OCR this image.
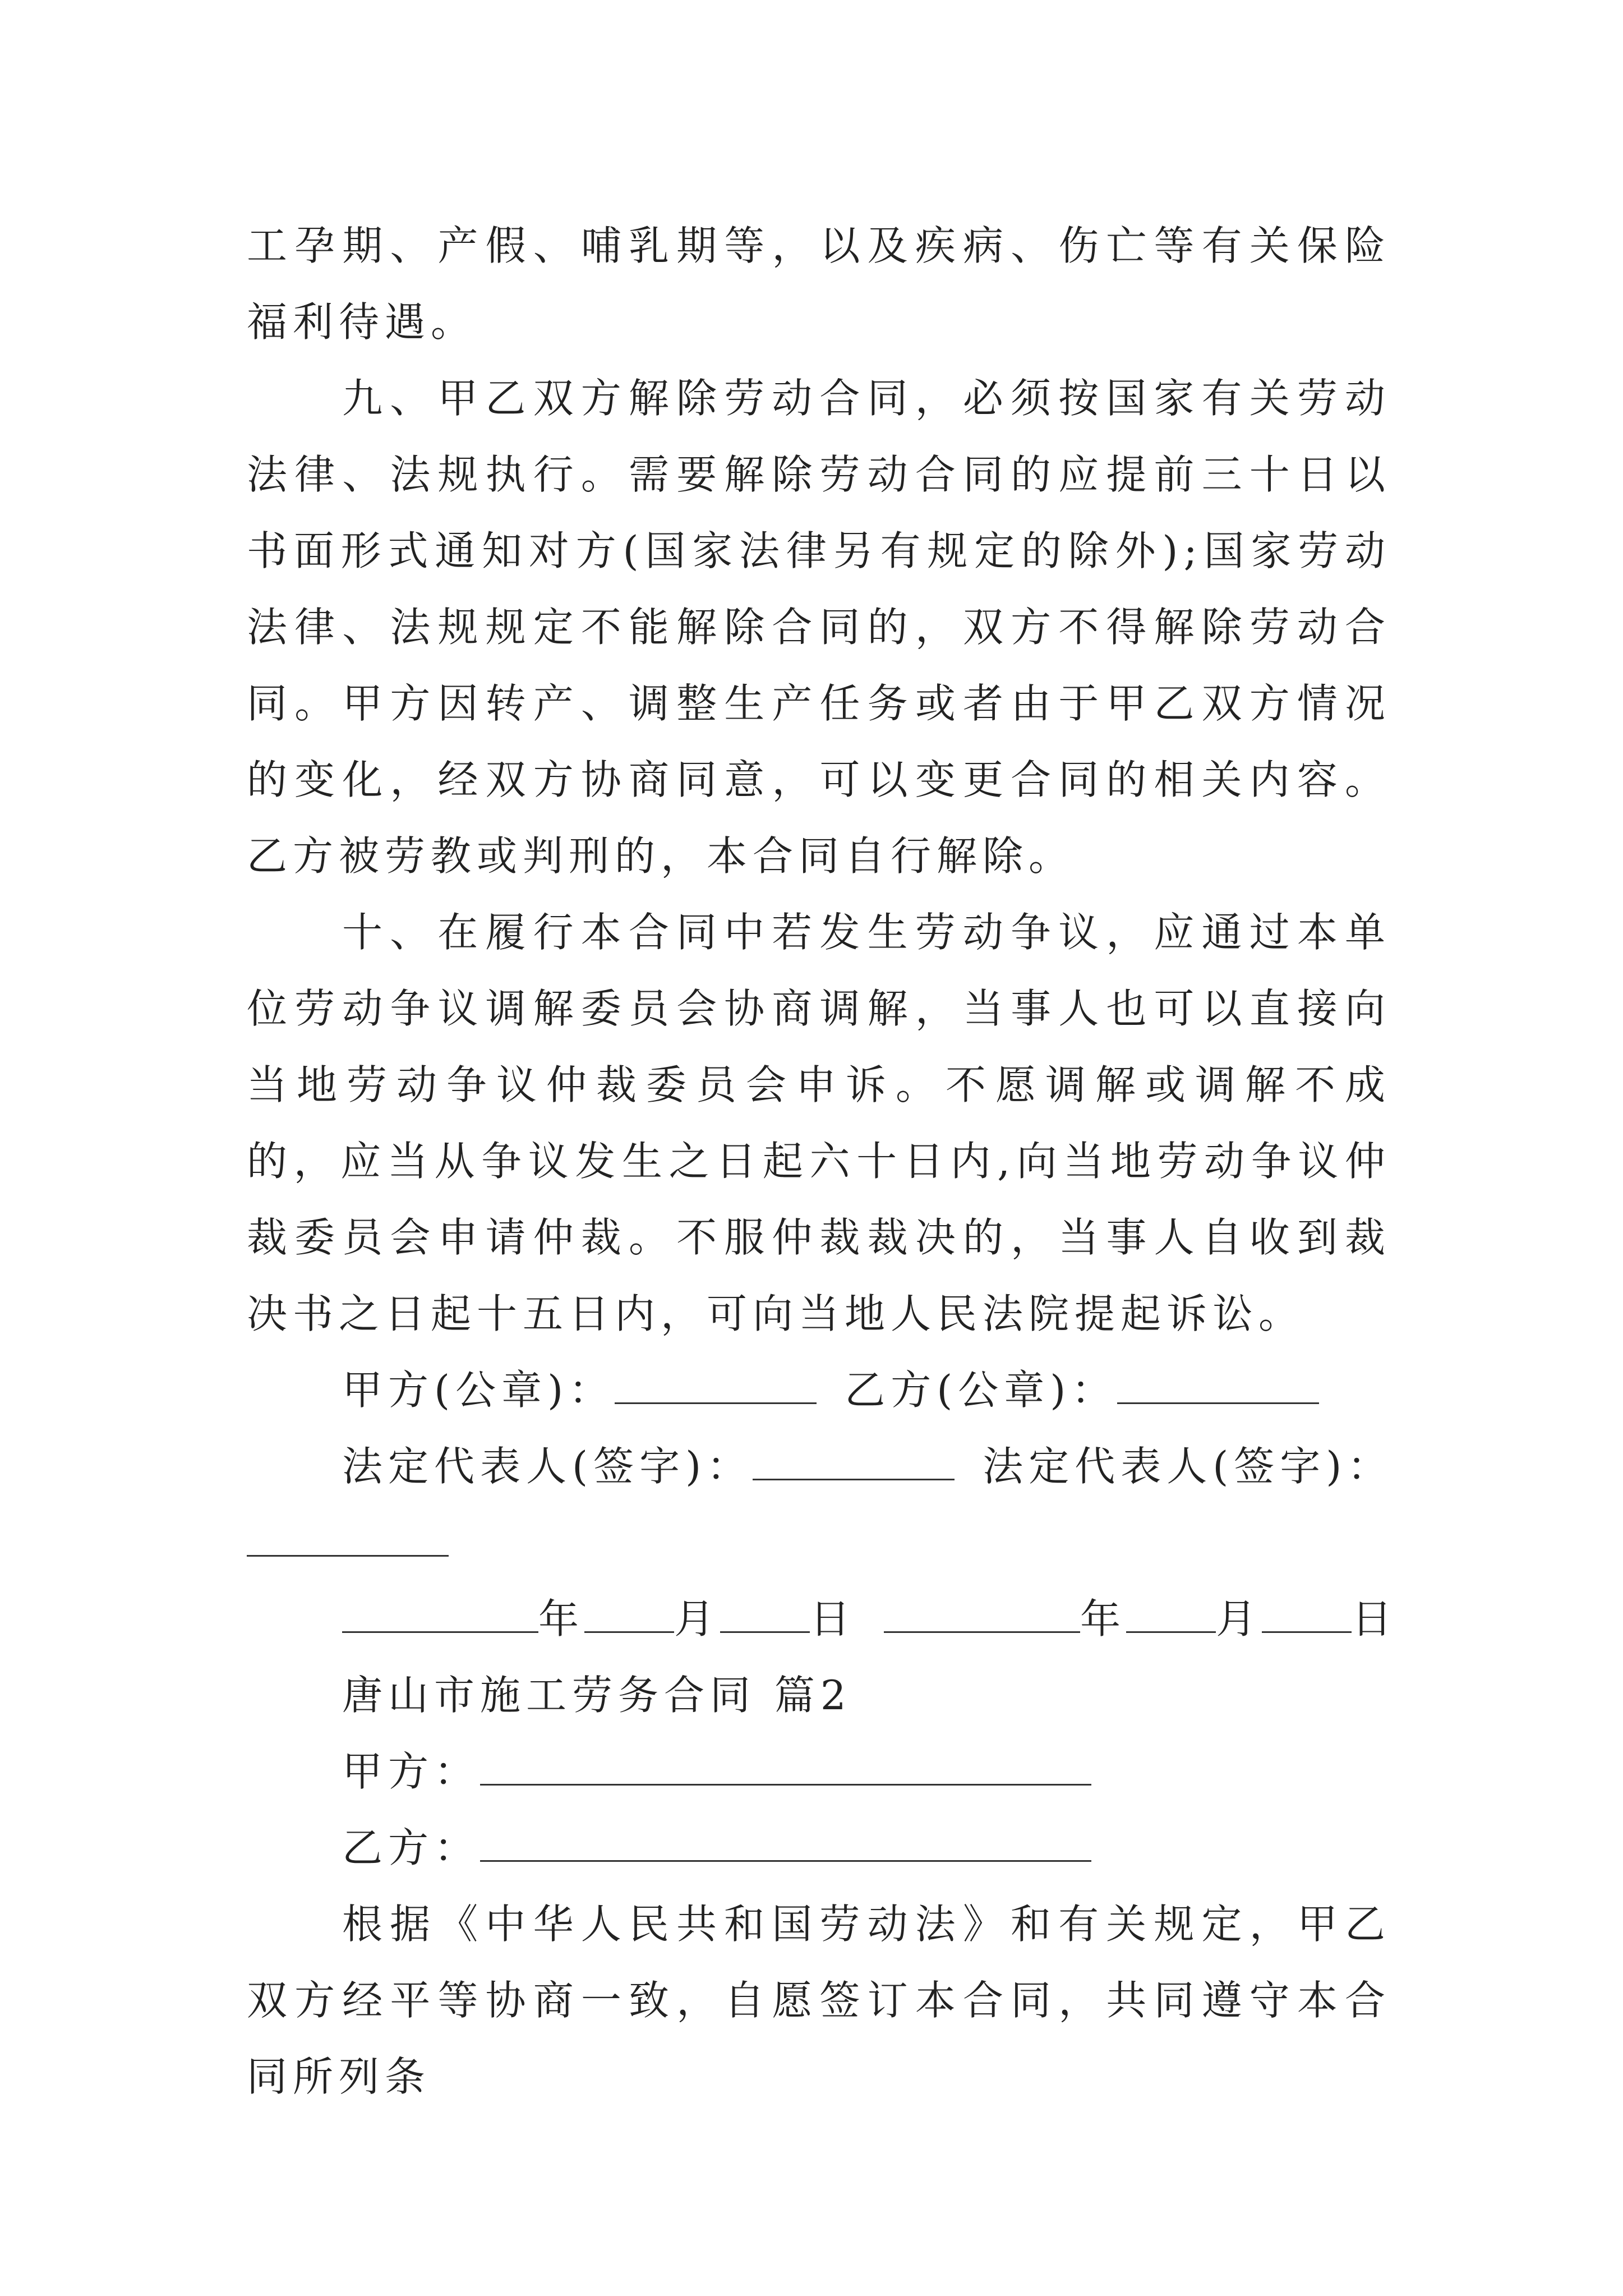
工孕期、产假、哺乳期等，以及疾病、伤亡等有关保险福利待遇。
九、甲乙双方解除劳动合同，必须按国家有关劳动法律、法规执行。需要解除劳动合同的应提前三十日以书面形式通知对方(国家法律另有规定的除外);国家劳动法律、法规规定不能解除合同的，双方不得解除劳动合同。甲方因转产、调整生产任务或者由于甲乙双方情况的变化，经双方协商同意，可以变更合同的相关内容。乙方被劳教或判刑的，本合同自行解除。
十、在履行本合同中若发生劳动争议，应通过本单位劳动争议调解委员会协商调解，当事人也可以直接向当地劳动争议仲裁委员会申诉。不愿调解或调解不成的，应当从争议发生之日起六十日内,向当地劳动争议仲裁委员会申请仲裁。不服仲裁裁决的，当事人自收到裁决书之日起十五日内，可向当地人民法院提起诉讼。
甲方(公章)：	乙方(公章)：
法定代表人(签字)：	法定代表人(签字)：
年 月 日	年 月 日
唐山市施工劳务合同 篇2
甲方：
乙方：
根据《中华人民共和国劳动法》和有关规定，甲乙双方经平等协商一致，自愿签订本合同，共同遵守本合同所列条
